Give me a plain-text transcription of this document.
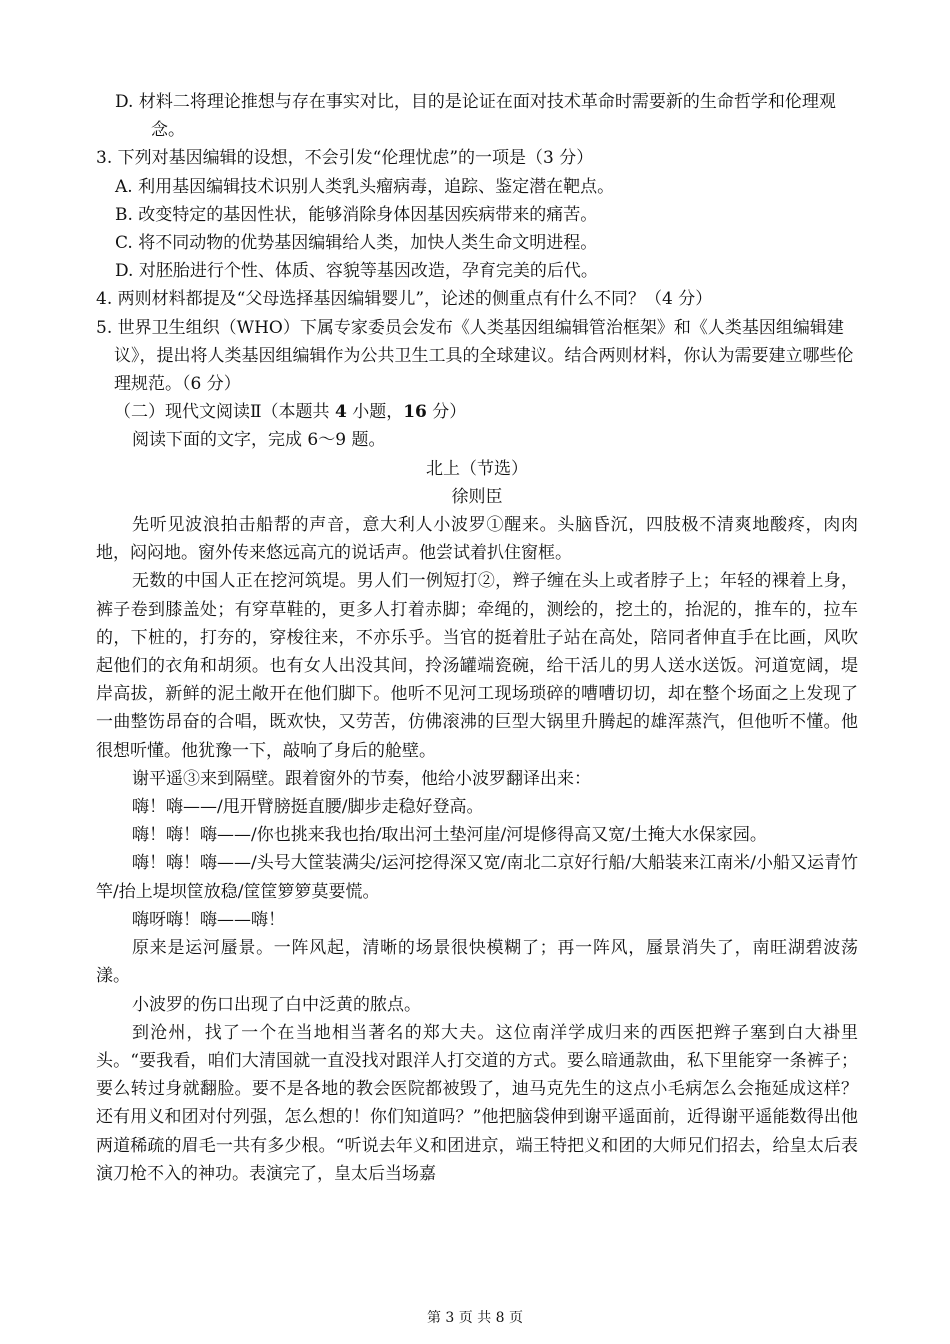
D. 材料二将理论推想与存在事实对比，目的是论证在面对技术革命时需要新的生命哲学和伦理观念。

3. 下列对基因编辑的设想，不会引发“伦理忧虑”的一项是（3 分）

A. 利用基因编辑技术识别人类乳头瘤病毒，追踪、鉴定潜在靶点。

B. 改变特定的基因性状，能够消除身体因基因疾病带来的痛苦。

C. 将不同动物的优势基因编辑给人类，加快人类生命文明进程。

D. 对胚胎进行个性、体质、容貌等基因改造，孕育完美的后代。

4. 两则材料都提及“父母选择基因编辑婴儿”，论述的侧重点有什么不同？（4 分）

5. 世界卫生组织（WHO）下属专家委员会发布《人类基因组编辑管治框架》和《人类基因组编辑建议》，提出将人类基因组编辑作为公共卫生工具的全球建议。结合两则材料，你认为需要建立哪些伦理规范。（6 分）

（二）现代文阅读Ⅱ（本题共 4 小题，16 分）

阅读下面的文字，完成 6～9 题。

北上（节选）

徐则臣

先听见波浪拍击船帮的声音，意大利人小波罗①醒来。头脑昏沉，四肢极不清爽地酸疼，肉肉地，闷闷地。窗外传来悠远高亢的说话声。他尝试着扒住窗框。

无数的中国人正在挖河筑堤。男人们一例短打②，辫子缠在头上或者脖子上；年轻的裸着上身，裤子卷到膝盖处；有穿草鞋的，更多人打着赤脚；牵绳的，测绘的，挖土的，抬泥的，推车的，拉车的，下桩的，打夯的，穿梭往来，不亦乐乎。当官的挺着肚子站在高处，陪同者伸直手在比画，风吹起他们的衣角和胡须。也有女人出没其间，拎汤罐端瓷碗，给干活儿的男人送水送饭。河道宽阔，堤岸高拔，新鲜的泥土敞开在他们脚下。他听不见河工现场琐碎的嘈嘈切切，却在整个场面之上发现了一曲整饬昂奋的合唱，既欢快，又劳苦，仿佛滚沸的巨型大锅里升腾起的雄浑蒸汽，但他听不懂。他很想听懂。他犹豫一下，敲响了身后的舱壁。

谢平遥③来到隔壁。跟着窗外的节奏，他给小波罗翻译出来：

嗨！嗨——/甩开臂膀挺直腰/脚步走稳好登高。

嗨！嗨！嗨——/你也挑来我也抬/取出河土垫河崖/河堤修得高又宽/土掩大水保家园。

嗨！嗨！嗨——/头号大筐装满尖/运河挖得深又宽/南北二京好行船/大船装来江南米/小船又运青竹竿/抬上堤坝筐放稳/筐筐箩箩莫要慌。

嗨呀嗨！嗨——嗨！

原来是运河蜃景。一阵风起，清晰的场景很快模糊了；再一阵风，蜃景消失了，南旺湖碧波荡漾。

小波罗的伤口出现了白中泛黄的脓点。

到沧州，找了一个在当地相当著名的郑大夫。这位南洋学成归来的西医把辫子塞到白大褂里头。“要我看，咱们大清国就一直没找对跟洋人打交道的方式。要么暗通款曲，私下里能穿一条裤子；要么转过身就翻脸。要不是各地的教会医院都被毁了，迪马克先生的这点小毛病怎么会拖延成这样？还有用义和团对付列强，怎么想的！你们知道吗？”他把脑袋伸到谢平遥面前，近得谢平遥能数得出他两道稀疏的眉毛一共有多少根。“听说去年义和团进京，端王特把义和团的大师兄们招去，给皇太后表演刀枪不入的神功。表演完了，皇太后当场嘉

第 3 页 共 8 页
